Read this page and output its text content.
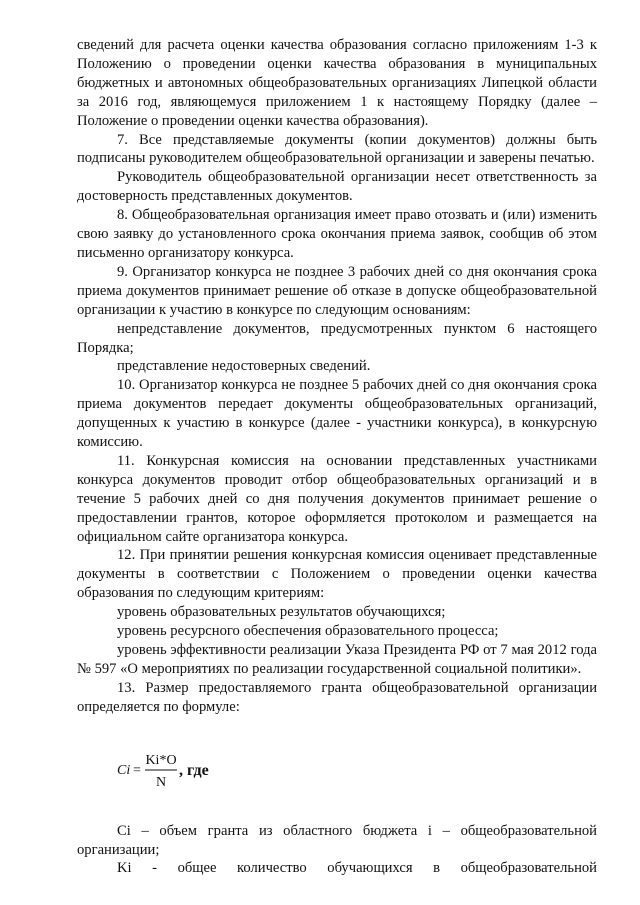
сведений для расчета оценки качества образования согласно приложениям 1-3 к Положению о проведении оценки качества образования в муниципальных бюджетных и автономных общеобразовательных организациях Липецкой области за 2016 год, являющемуся приложением 1 к настоящему Порядку (далее – Положение о проведении оценки качества образования).

7. Все представляемые документы (копии документов) должны быть подписаны руководителем общеобразовательной организации и заверены печатью.

Руководитель общеобразовательной организации несет ответственность за достоверность представленных документов.

8. Общеобразовательная организация имеет право отозвать и (или) изменить свою заявку до установленного срока окончания приема заявок, сообщив об этом письменно организатору конкурса.

9. Организатор конкурса не позднее 3 рабочих дней со дня окончания срока приема документов принимает решение об отказе в допуске общеобразовательной организации к участию в конкурсе по следующим основаниям:

непредставление документов, предусмотренных пунктом 6 настоящего Порядка;

представление недостоверных сведений.

10. Организатор конкурса не позднее 5 рабочих дней со дня окончания срока приема документов передает документы общеобразовательных организаций, допущенных к участию в конкурсе (далее - участники конкурса), в конкурсную комиссию.

11. Конкурсная комиссия на основании представленных участниками конкурса документов проводит отбор общеобразовательных организаций и в течение 5 рабочих дней со дня получения документов принимает решение о предоставлении грантов, которое оформляется протоколом и размещается на официальном сайте организатора конкурса.

12. При принятии решения конкурсная комиссия оценивает представленные документы в соответствии с Положением о проведении оценки качества образования по следующим критериям:

уровень образовательных результатов обучающихся;

уровень ресурсного обеспечения образовательного процесса;

уровень эффективности реализации Указа Президента РФ от 7 мая 2012 года № 597 «О мероприятиях по реализации государственной социальной политики».

13. Размер предоставляемого гранта общеобразовательной организации определяется по формуле:

Ci =
Ki*O
N
, где

Ci – объем гранта из областного бюджета i – общеобразовательной организации;

Ki - общее количество обучающихся в общеобразовательной
